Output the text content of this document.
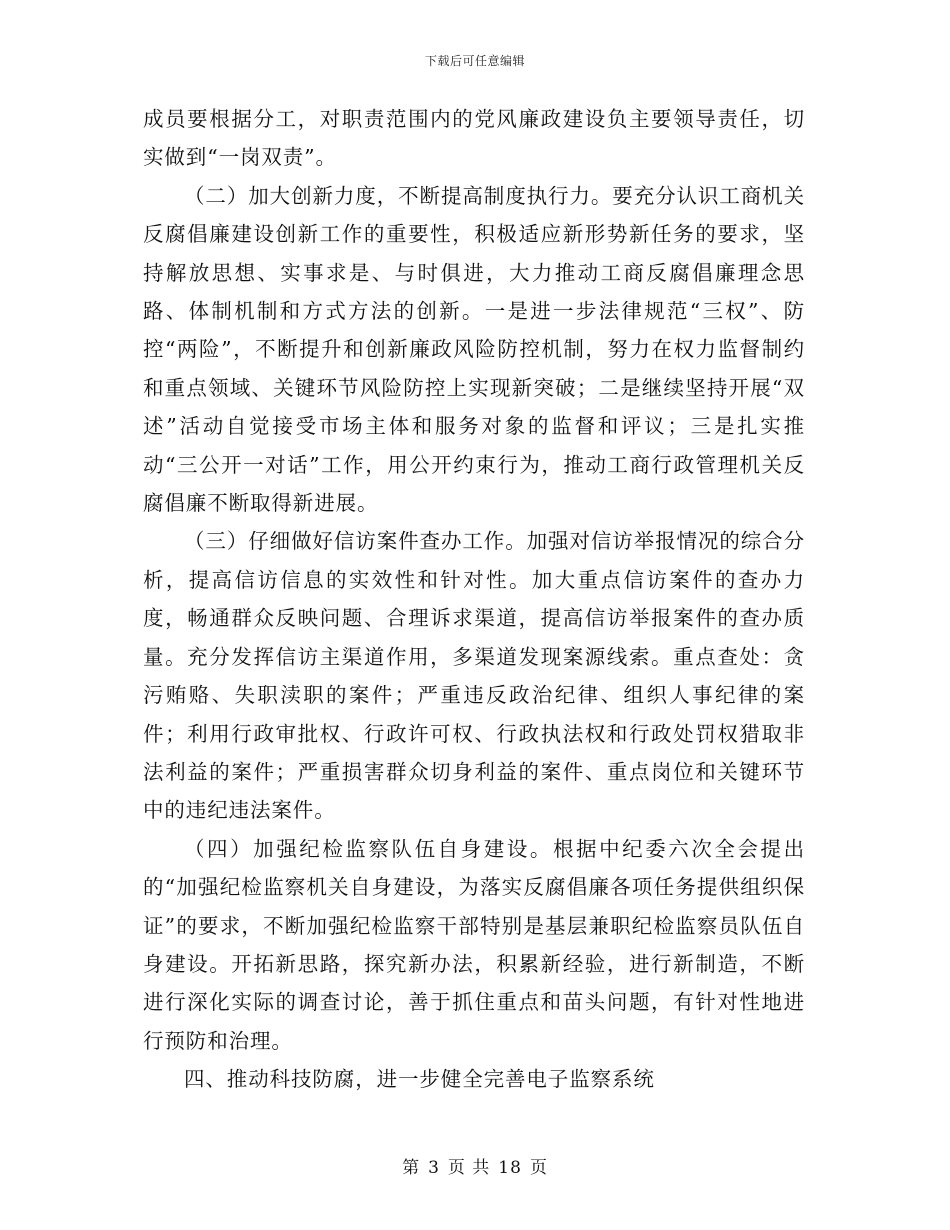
下载后可任意编辑

成员要根据分工，对职责范围内的党风廉政建设负主要领导责任，切实做到“一岗双责”。

（二）加大创新力度，不断提高制度执行力。要充分认识工商机关反腐倡廉建设创新工作的重要性，积极适应新形势新任务的要求，坚持解放思想、实事求是、与时俱进，大力推动工商反腐倡廉理念思路、体制机制和方式方法的创新。一是进一步法律规范“三权”、防控“两险”，不断提升和创新廉政风险防控机制，努力在权力监督制约和重点领域、关键环节风险防控上实现新突破；二是继续坚持开展“双述”活动自觉接受市场主体和服务对象的监督和评议；三是扎实推动“三公开一对话”工作，用公开约束行为，推动工商行政管理机关反腐倡廉不断取得新进展。

（三）仔细做好信访案件查办工作。加强对信访举报情况的综合分析，提高信访信息的实效性和针对性。加大重点信访案件的查办力度，畅通群众反映问题、合理诉求渠道，提高信访举报案件的查办质量。充分发挥信访主渠道作用，多渠道发现案源线索。重点查处：贪污贿赂、失职渎职的案件；严重违反政治纪律、组织人事纪律的案件；利用行政审批权、行政许可权、行政执法权和行政处罚权猎取非法利益的案件；严重损害群众切身利益的案件、重点岗位和关键环节中的违纪违法案件。

（四）加强纪检监察队伍自身建设。根据中纪委六次全会提出的“加强纪检监察机关自身建设，为落实反腐倡廉各项任务提供组织保证”的要求，不断加强纪检监察干部特别是基层兼职纪检监察员队伍自身建设。开拓新思路，探究新办法，积累新经验，进行新制造，不断进行深化实际的调查讨论，善于抓住重点和苗头问题，有针对性地进行预防和治理。

四、推动科技防腐，进一步健全完善电子监察系统

第 3 页 共 18 页
